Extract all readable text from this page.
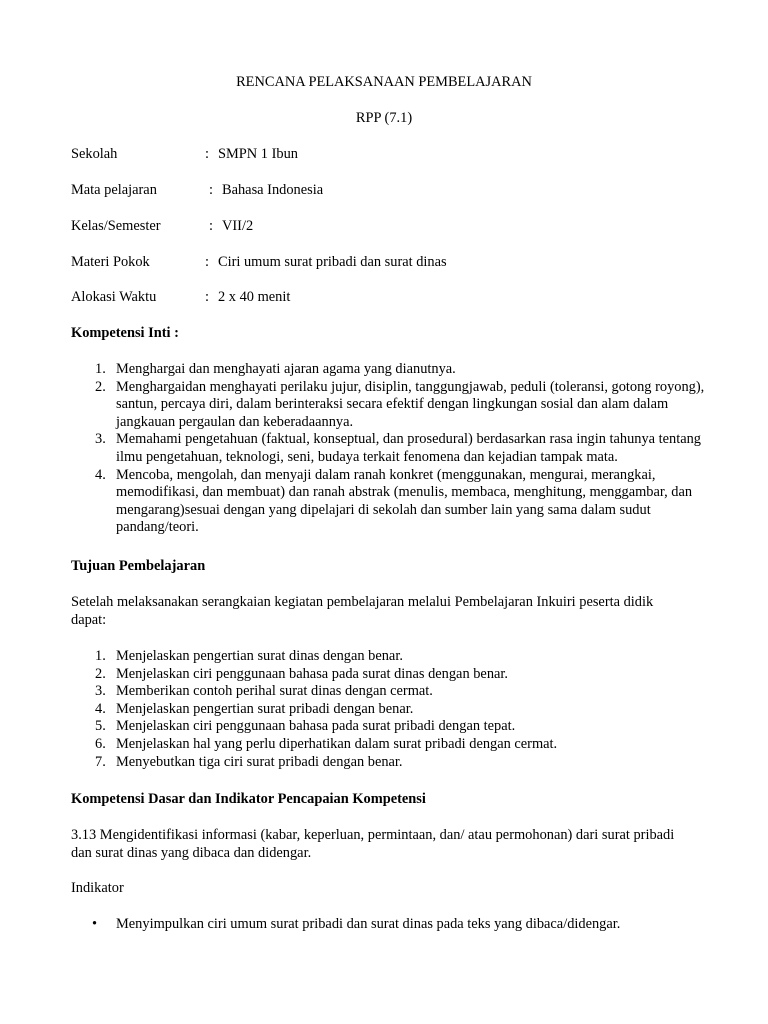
RENCANA PELAKSANAAN PEMBELAJARAN
RPP (7.1)
Sekolah	: SMPN 1 Ibun
Mata pelajaran	: Bahasa Indonesia
Kelas/Semester	: VII/2
Materi Pokok	: Ciri umum surat pribadi dan surat dinas
Alokasi Waktu	: 2 x 40 menit
Kompetensi Inti :
1. Menghargai dan menghayati ajaran agama yang dianutnya.
2. Menghargaidan menghayati perilaku jujur, disiplin, tanggungjawab, peduli (toleransi, gotong royong), santun, percaya diri, dalam berinteraksi secara efektif dengan lingkungan sosial dan alam dalam jangkauan pergaulan dan keberadaannya.
3. Memahami pengetahuan (faktual, konseptual, dan prosedural) berdasarkan rasa ingin tahunya tentang ilmu pengetahuan, teknologi, seni, budaya terkait fenomena dan kejadian tampak mata.
4. Mencoba, mengolah, dan menyaji dalam ranah konkret (menggunakan, mengurai, merangkai, memodifikasi, dan membuat) dan ranah abstrak (menulis, membaca, menghitung, menggambar, dan mengarang)sesuai dengan yang dipelajari di sekolah dan sumber lain yang sama dalam sudut pandang/teori.
Tujuan Pembelajaran
Setelah melaksanakan serangkaian kegiatan pembelajaran melalui Pembelajaran Inkuiri peserta didik dapat:
1. Menjelaskan pengertian surat dinas dengan benar.
2. Menjelaskan ciri penggunaan bahasa pada surat dinas dengan benar.
3. Memberikan contoh perihal surat dinas dengan cermat.
4. Menjelaskan pengertian surat pribadi dengan benar.
5. Menjelaskan ciri penggunaan bahasa pada surat pribadi dengan tepat.
6. Menjelaskan hal yang perlu diperhatikan dalam surat pribadi dengan cermat.
7. Menyebutkan tiga ciri surat pribadi dengan benar.
Kompetensi Dasar dan Indikator Pencapaian Kompetensi
3.13 Mengidentifikasi informasi (kabar, keperluan, permintaan, dan/ atau permohonan) dari surat pribadi dan surat dinas yang dibaca dan didengar.
Indikator
• Menyimpulkan ciri umum surat pribadi dan surat dinas pada teks yang dibaca/didengar.
